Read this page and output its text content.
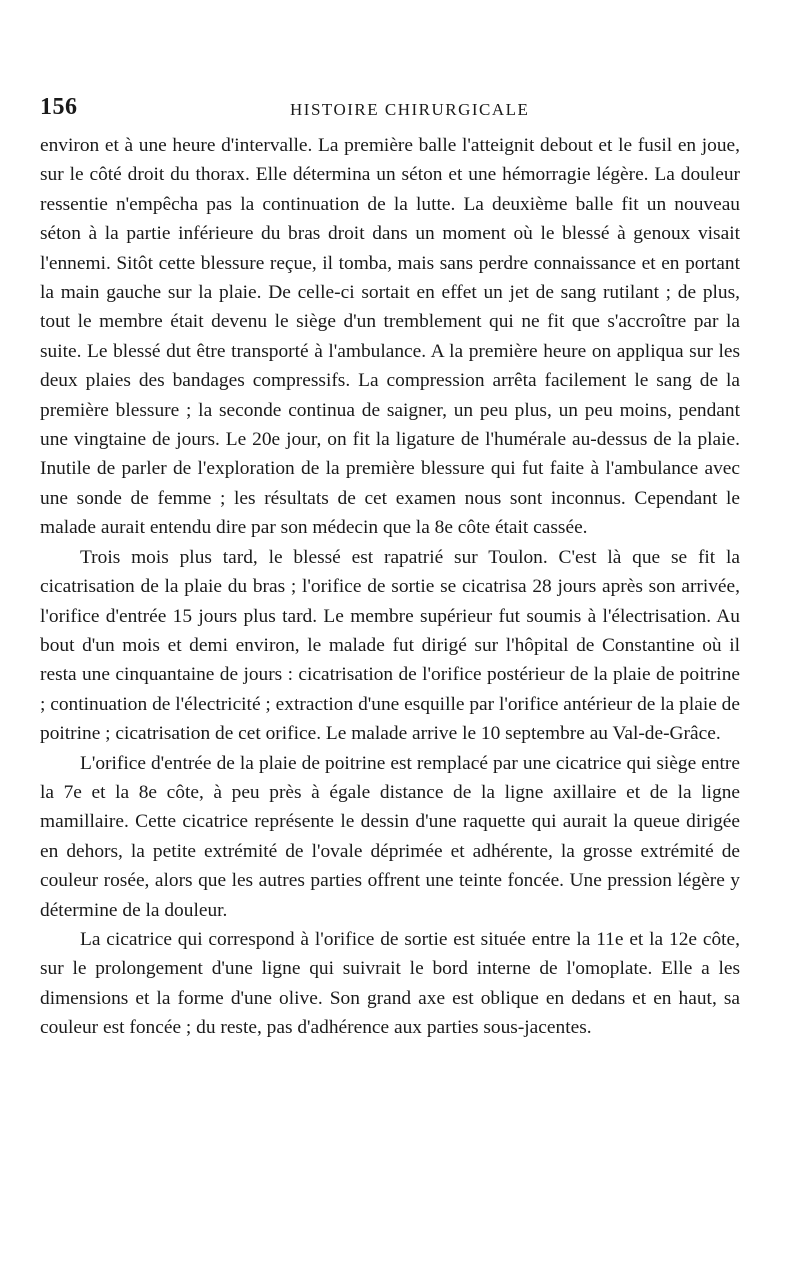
156	HISTOIRE CHIRURGICALE

environ et à une heure d'intervalle. La première balle l'atteignit debout et le fusil en joue, sur le côté droit du thorax. Elle détermina un séton et une hémorragie légère. La douleur ressentie n'empêcha pas la continuation de la lutte. La deuxième balle fit un nouveau séton à la partie inférieure du bras droit dans un moment où le blessé à genoux visait l'ennemi. Sitôt cette blessure reçue, il tomba, mais sans perdre connaissance et en portant la main gauche sur la plaie. De celle-ci sortait en effet un jet de sang rutilant ; de plus, tout le membre était devenu le siège d'un tremblement qui ne fit que s'accroître par la suite. Le blessé dut être transporté à l'ambulance. A la première heure on appliqua sur les deux plaies des bandages compressifs. La compression arrêta facilement le sang de la première blessure ; la seconde continua de saigner, un peu plus, un peu moins, pendant une vingtaine de jours. Le 20e jour, on fit la ligature de l'humérale au-dessus de la plaie. Inutile de parler de l'exploration de la première blessure qui fut faite à l'ambulance avec une sonde de femme ; les résultats de cet examen nous sont inconnus. Cependant le malade aurait entendu dire par son médecin que la 8e côte était cassée.

Trois mois plus tard, le blessé est rapatrié sur Toulon. C'est là que se fit la cicatrisation de la plaie du bras ; l'orifice de sortie se cicatrisa 28 jours après son arrivée, l'orifice d'entrée 15 jours plus tard. Le membre supérieur fut soumis à l'électrisation. Au bout d'un mois et demi environ, le malade fut dirigé sur l'hôpital de Constantine où il resta une cinquantaine de jours : cicatrisation de l'orifice postérieur de la plaie de poitrine ; continuation de l'électricité ; extraction d'une esquille par l'orifice antérieur de la plaie de poitrine ; cicatrisation de cet orifice. Le malade arrive le 10 septembre au Val-de-Grâce.

L'orifice d'entrée de la plaie de poitrine est remplacé par une cicatrice qui siège entre la 7e et la 8e côte, à peu près à égale distance de la ligne axillaire et de la ligne mamillaire. Cette cicatrice représente le dessin d'une raquette qui aurait la queue dirigée en dehors, la petite extrémité de l'ovale déprimée et adhérente, la grosse extrémité de couleur rosée, alors que les autres parties offrent une teinte foncée. Une pression légère y détermine de la douleur.

La cicatrice qui correspond à l'orifice de sortie est située entre la 11e et la 12e côte, sur le prolongement d'une ligne qui suivrait le bord interne de l'omoplate. Elle a les dimensions et la forme d'une olive. Son grand axe est oblique en dedans et en haut, sa couleur est foncée ; du reste, pas d'adhérence aux parties sous-jacentes.
